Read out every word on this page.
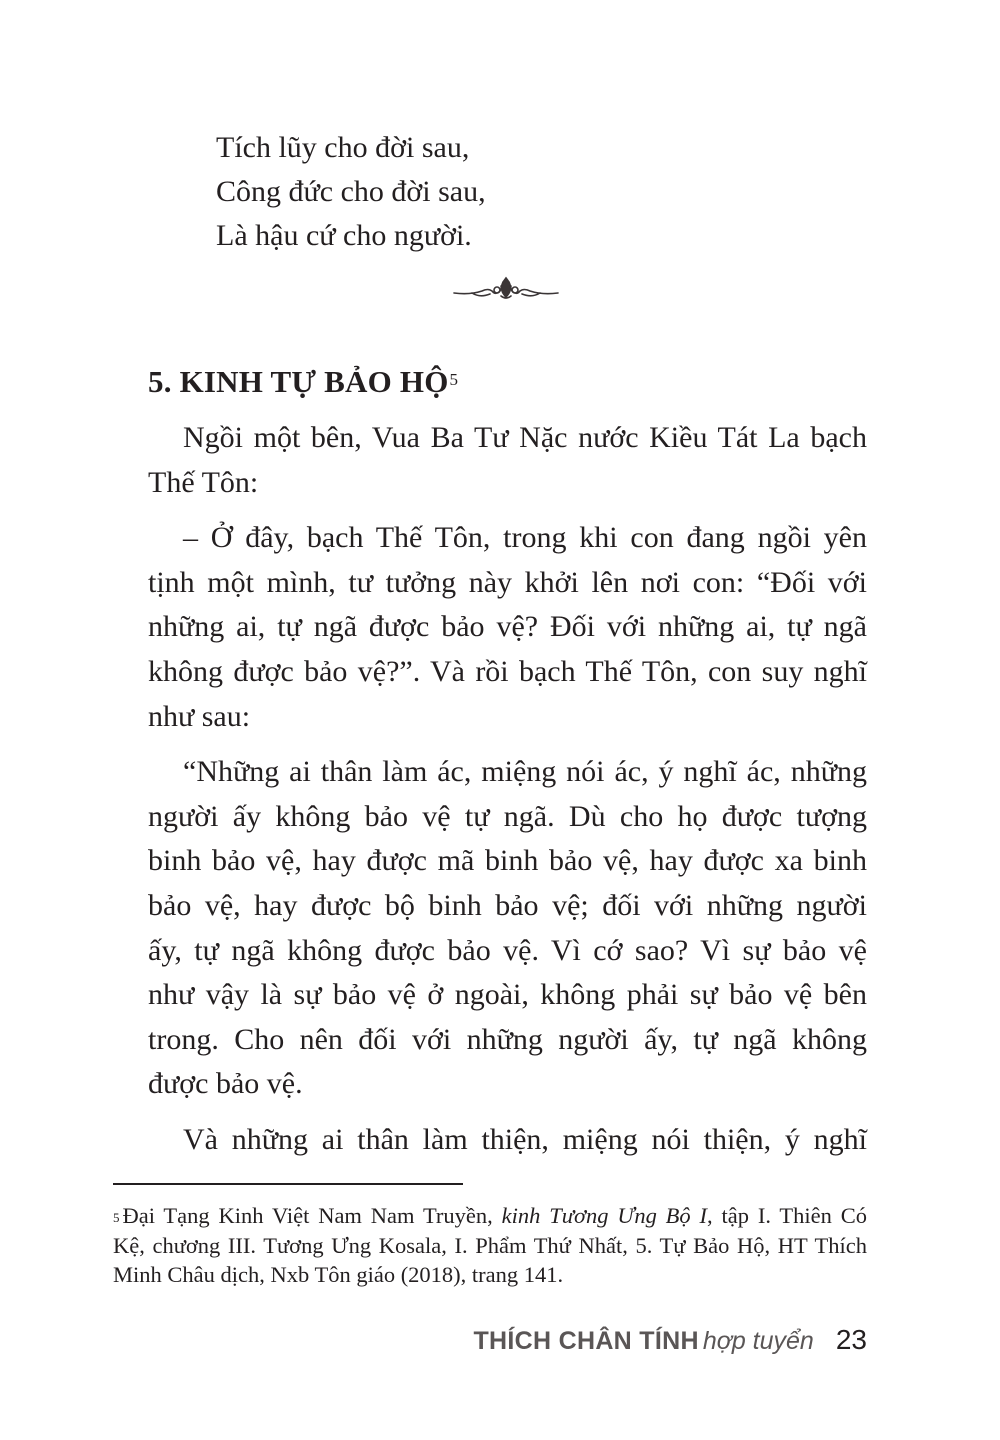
Tích lũy cho đời sau,
Công đức cho đời sau,
Là hậu cứ cho người.
5. KINH TỰ BẢO HỘ$^5$
Ngồi một bên, Vua Ba Tư Nặc nước Kiều Tát La bạch
Thế Tôn:
– Ở đây, bạch Thế Tôn, trong khi con đang ngồi yên
tịnh một mình, tư tưởng này khởi lên nơi con: “Đối với
những ai, tự ngã được bảo vệ? Đối với những ai, tự ngã
không được bảo vệ?”. Và rồi bạch Thế Tôn, con suy nghĩ
như sau:
“Những ai thân làm ác, miệng nói ác, ý nghĩ ác, những
người ấy không bảo vệ tự ngã. Dù cho họ được tượng
binh bảo vệ, hay được mã binh bảo vệ, hay được xa binh
bảo vệ, hay được bộ binh bảo vệ; đối với những người
ấy, tự ngã không được bảo vệ. Vì cớ sao? Vì sự bảo vệ
như vậy là sự bảo vệ ở ngoài, không phải sự bảo vệ bên
trong. Cho nên đối với những người ấy, tự ngã không
được bảo vệ.
Và những ai thân làm thiện, miệng nói thiện, ý nghĩ
$^5$ Đại Tạng Kinh Việt Nam Nam Truyền, kinh Tương Ưng Bộ I, tập I. Thiên Có
Kệ, chương III. Tương Ưng Kosala, I. Phẩm Thứ Nhất, 5. Tự Bảo Hộ, HT Thích
Minh Châu dịch, Nxb Tôn giáo (2018), trang 141.
THÍCH CHÂN TÍNH hợp tuyển 23
